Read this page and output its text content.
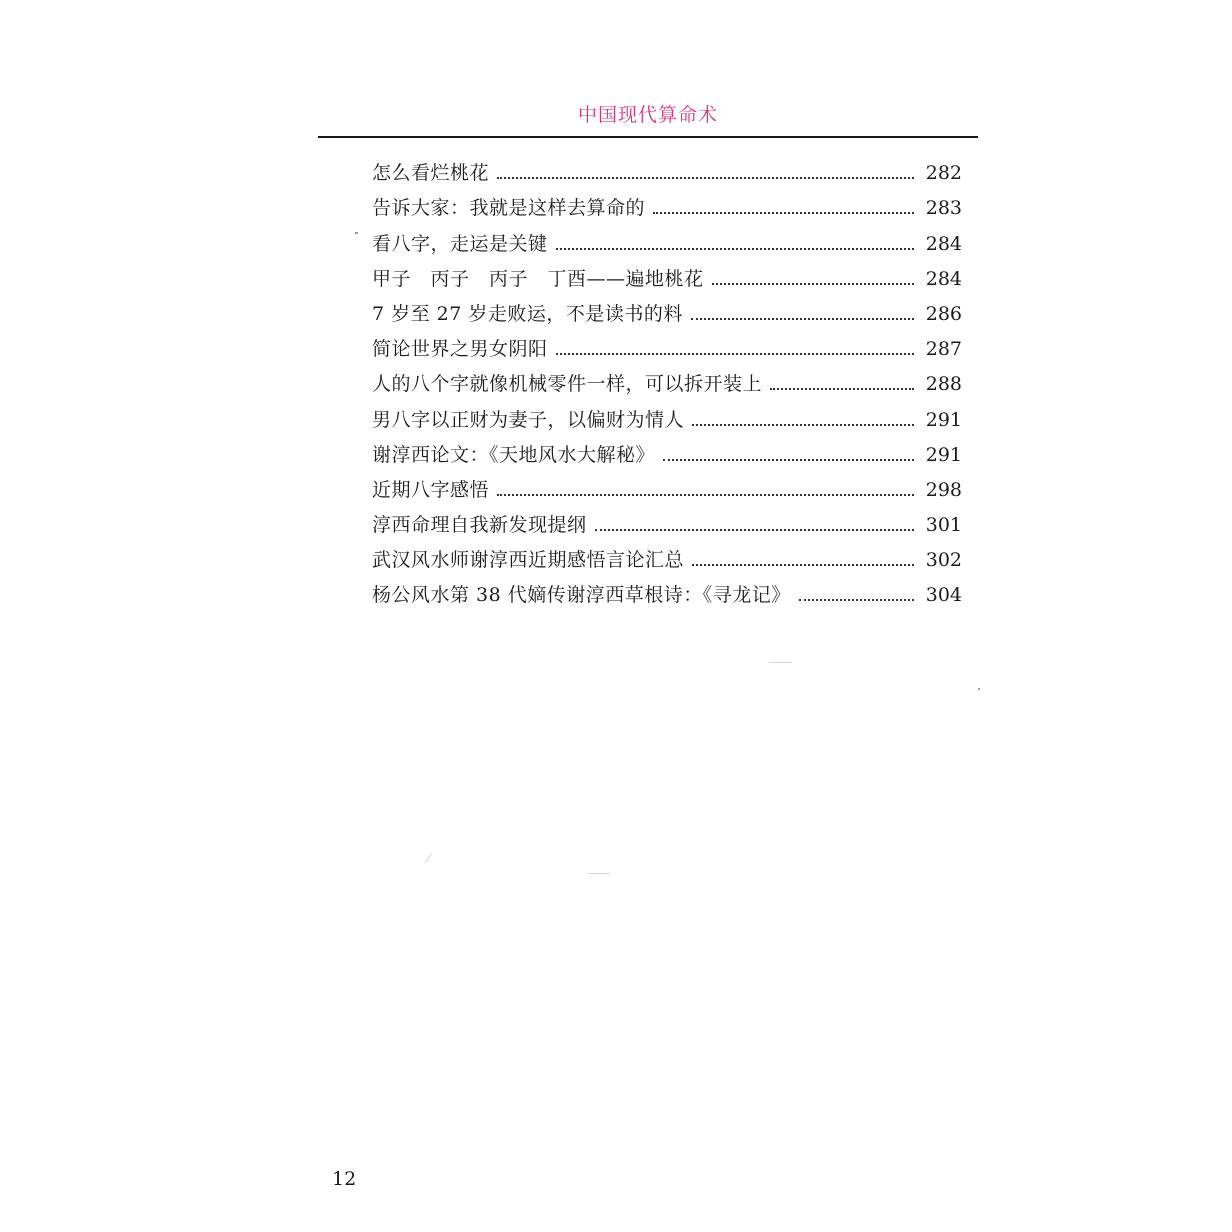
中国现代算命术
怎么看烂桃花	282
告诉大家：我就是这样去算命的	283
看八字，走运是关键	284
甲子　丙子　丙子　丁酉——遍地桃花	284
7 岁至 27 岁走败运，不是读书的料	286
简论世界之男女阴阳	287
人的八个字就像机械零件一样，可以拆开装上	288
男八字以正财为妻子，以偏财为情人	291
谢淳西论文：《天地风水大解秘》	291
近期八字感悟	298
淳西命理自我新发现提纲	301
武汉风水师谢淳西近期感悟言论汇总	302
杨公风水第 38 代嫡传谢淳西草根诗：《寻龙记》	304
12
